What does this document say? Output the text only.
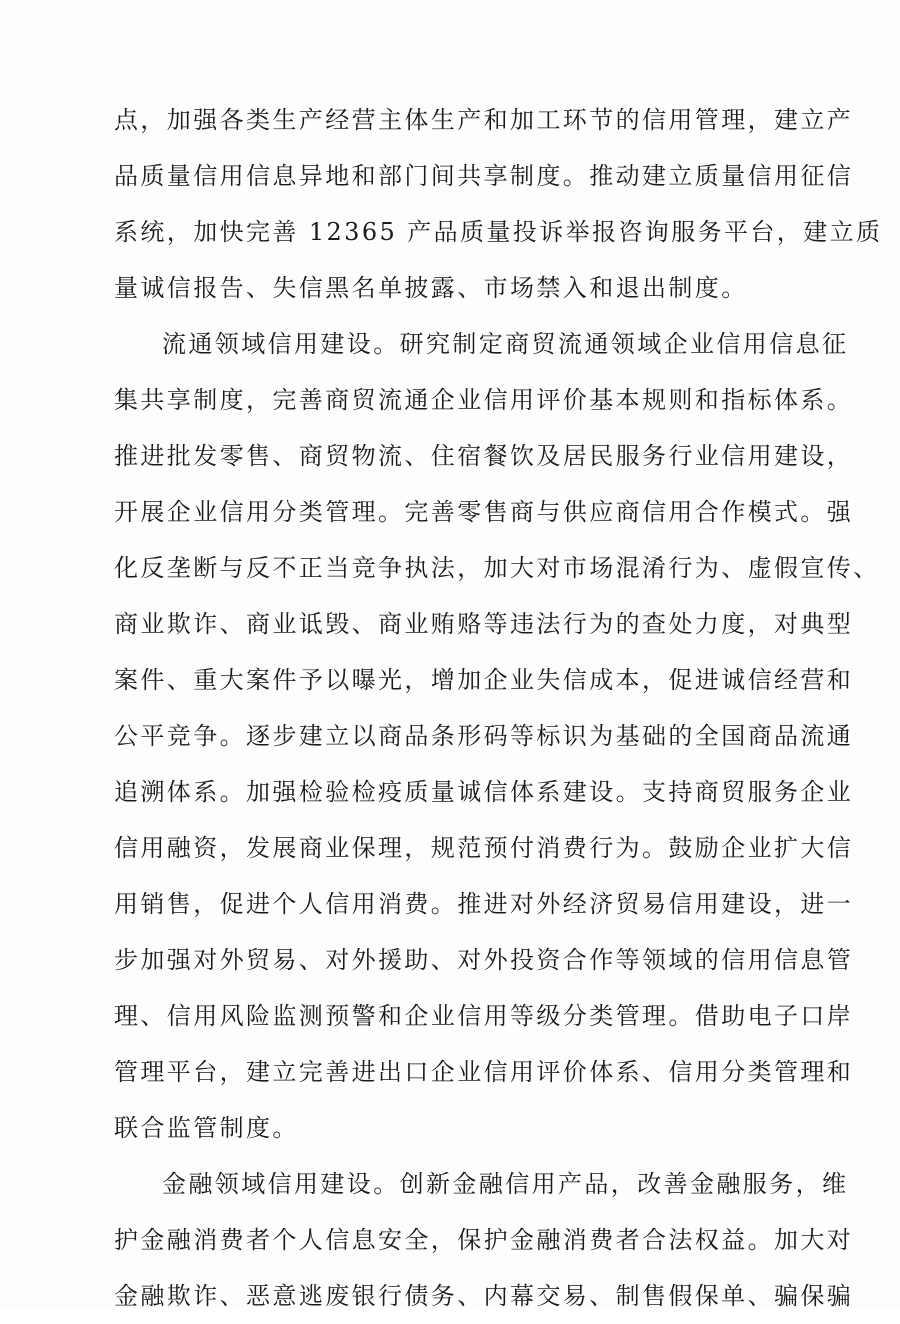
点，加强各类生产经营主体生产和加工环节的信用管理，建立产
品质量信用信息异地和部门间共享制度。推动建立质量信用征信
系统，加快完善 12365 产品质量投诉举报咨询服务平台，建立质
量诚信报告、失信黑名单披露、市场禁入和退出制度。
流通领域信用建设。研究制定商贸流通领域企业信用信息征
集共享制度，完善商贸流通企业信用评价基本规则和指标体系。
推进批发零售、商贸物流、住宿餐饮及居民服务行业信用建设，
开展企业信用分类管理。完善零售商与供应商信用合作模式。强
化反垄断与反不正当竞争执法，加大对市场混淆行为、虚假宣传、
商业欺诈、商业诋毁、商业贿赂等违法行为的查处力度，对典型
案件、重大案件予以曝光，增加企业失信成本，促进诚信经营和
公平竞争。逐步建立以商品条形码等标识为基础的全国商品流通
追溯体系。加强检验检疫质量诚信体系建设。支持商贸服务企业
信用融资，发展商业保理，规范预付消费行为。鼓励企业扩大信
用销售，促进个人信用消费。推进对外经济贸易信用建设，进一
步加强对外贸易、对外援助、对外投资合作等领域的信用信息管
理、信用风险监测预警和企业信用等级分类管理。借助电子口岸
管理平台，建立完善进出口企业信用评价体系、信用分类管理和
联合监管制度。
金融领域信用建设。创新金融信用产品，改善金融服务，维
护金融消费者个人信息安全，保护金融消费者合法权益。加大对
金融欺诈、恶意逃废银行债务、内幕交易、制售假保单、骗保骗
